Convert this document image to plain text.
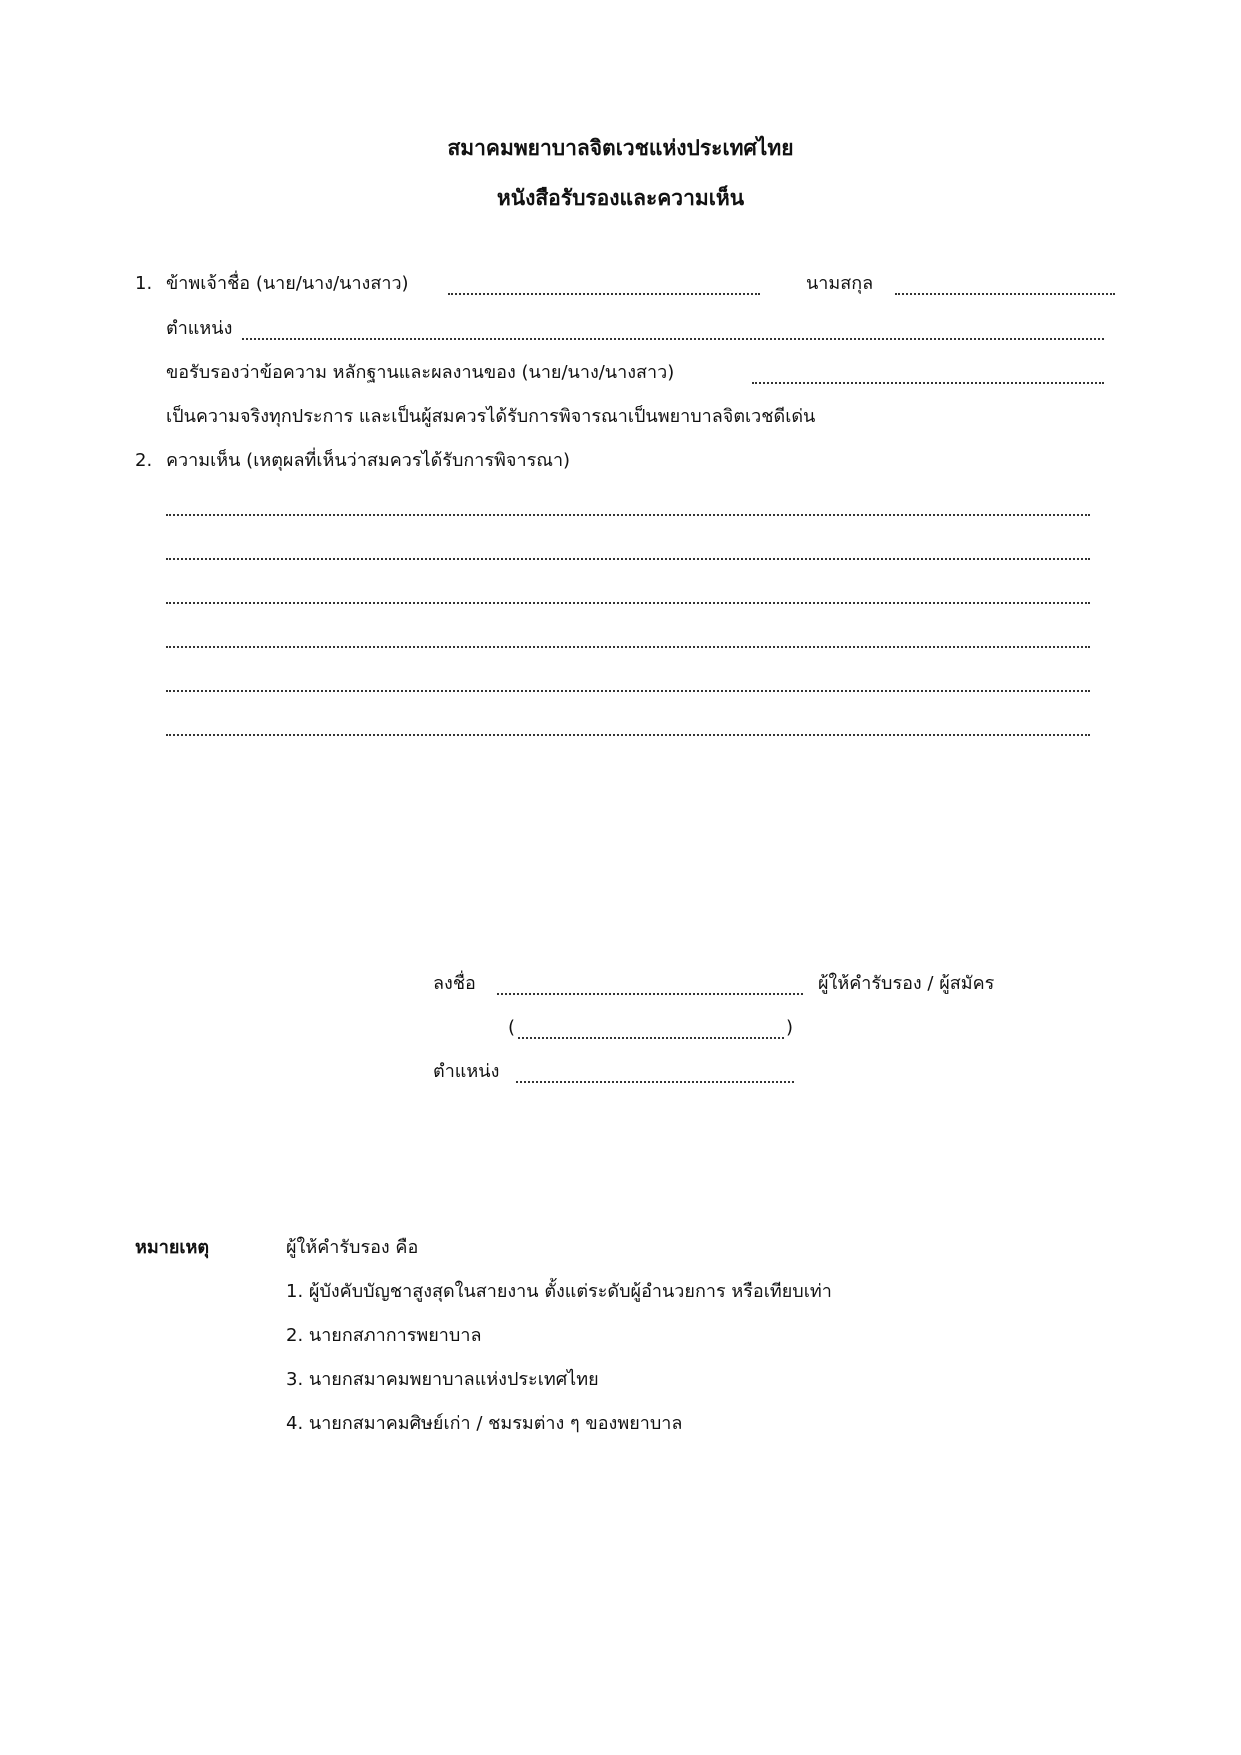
สมาคมพยาบาลจิตเวชแห่งประเทศไทย
หนังสือรับรองและความเห็น
1. ข้าพเจ้าชื่อ (นาย/นาง/นางสาว)	นามสกุล
ตำแหน่ง
ขอรับรองว่าข้อความ หลักฐานและผลงานของ (นาย/นาง/นางสาว)
เป็นความจริงทุกประการ และเป็นผู้สมควรได้รับการพิจารณาเป็นพยาบาลจิตเวชดีเด่น
2. ความเห็น (เหตุผลที่เห็นว่าสมควรได้รับการพิจารณา)
ลงชื่อ	ผู้ให้คำรับรอง / ผู้สมัคร
(	)
ตำแหน่ง
หมายเหตุ	ผู้ให้คำรับรอง คือ
1. ผู้บังคับบัญชาสูงสุดในสายงาน ตั้งแต่ระดับผู้อำนวยการ หรือเทียบเท่า
2. นายกสภาการพยาบาล
3. นายกสมาคมพยาบาลแห่งประเทศไทย
4. นายกสมาคมศิษย์เก่า / ชมรมต่าง ๆ ของพยาบาล
